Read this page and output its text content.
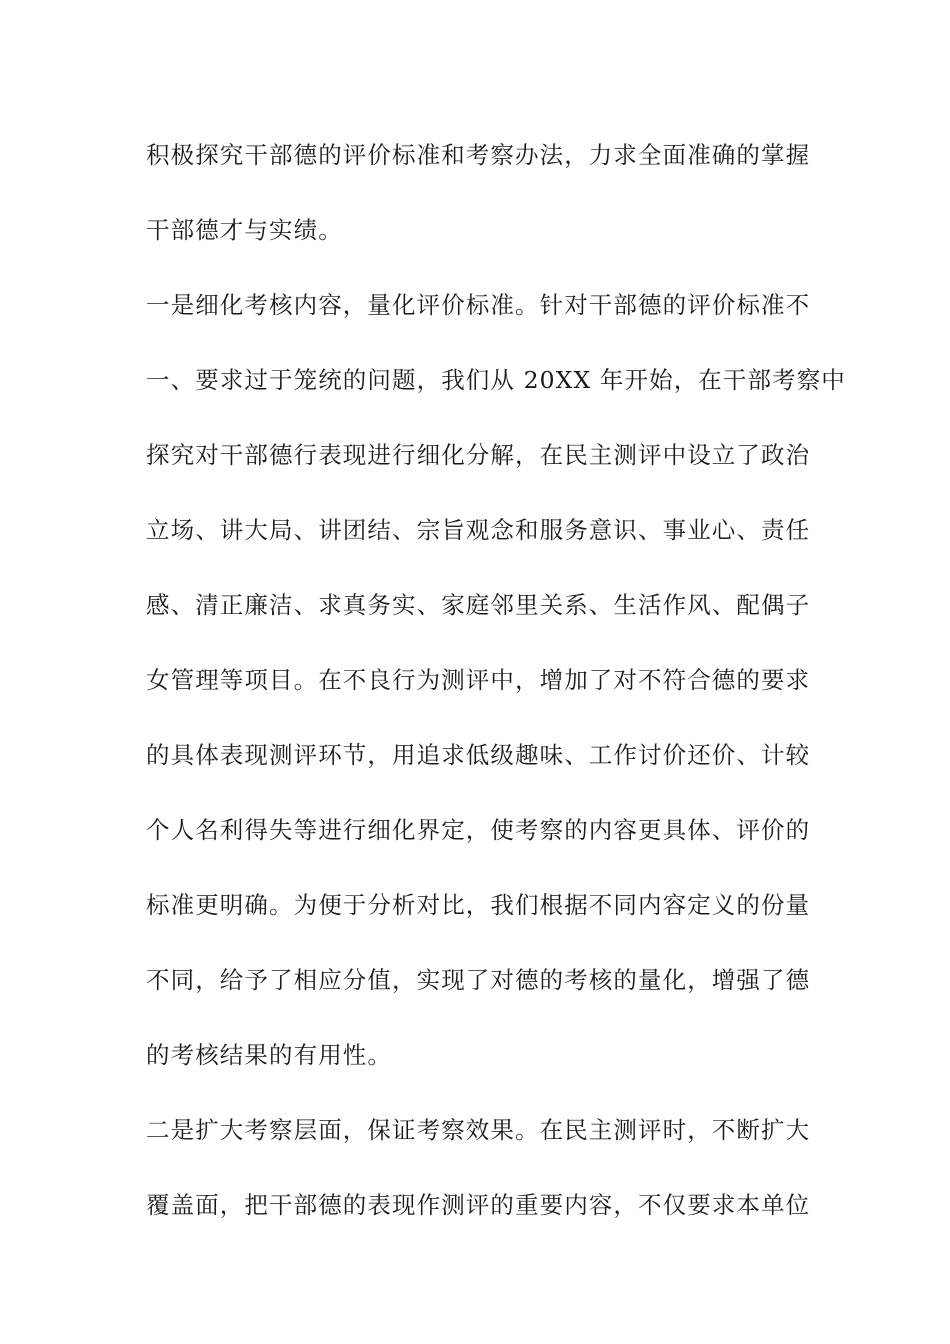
积极探究干部德的评价标准和考察办法，力求全面准确的掌握
干部德才与实绩。
一是细化考核内容，量化评价标准。针对干部德的评价标准不
一、要求过于笼统的问题，我们从 20XX 年开始，在干部考察中
探究对干部德行表现进行细化分解，在民主测评中设立了政治
立场、讲大局、讲团结、宗旨观念和服务意识、事业心、责任
感、清正廉洁、求真务实、家庭邻里关系、生活作风、配偶子
女管理等项目。在不良行为测评中，增加了对不符合德的要求
的具体表现测评环节，用追求低级趣味、工作讨价还价、计较
个人名利得失等进行细化界定，使考察的内容更具体、评价的
标准更明确。为便于分析对比，我们根据不同内容定义的份量
不同，给予了相应分值，实现了对德的考核的量化，增强了德
的考核结果的有用性。
二是扩大考察层面，保证考察效果。在民主测评时，不断扩大
覆盖面，把干部德的表现作测评的重要内容，不仅要求本单位
